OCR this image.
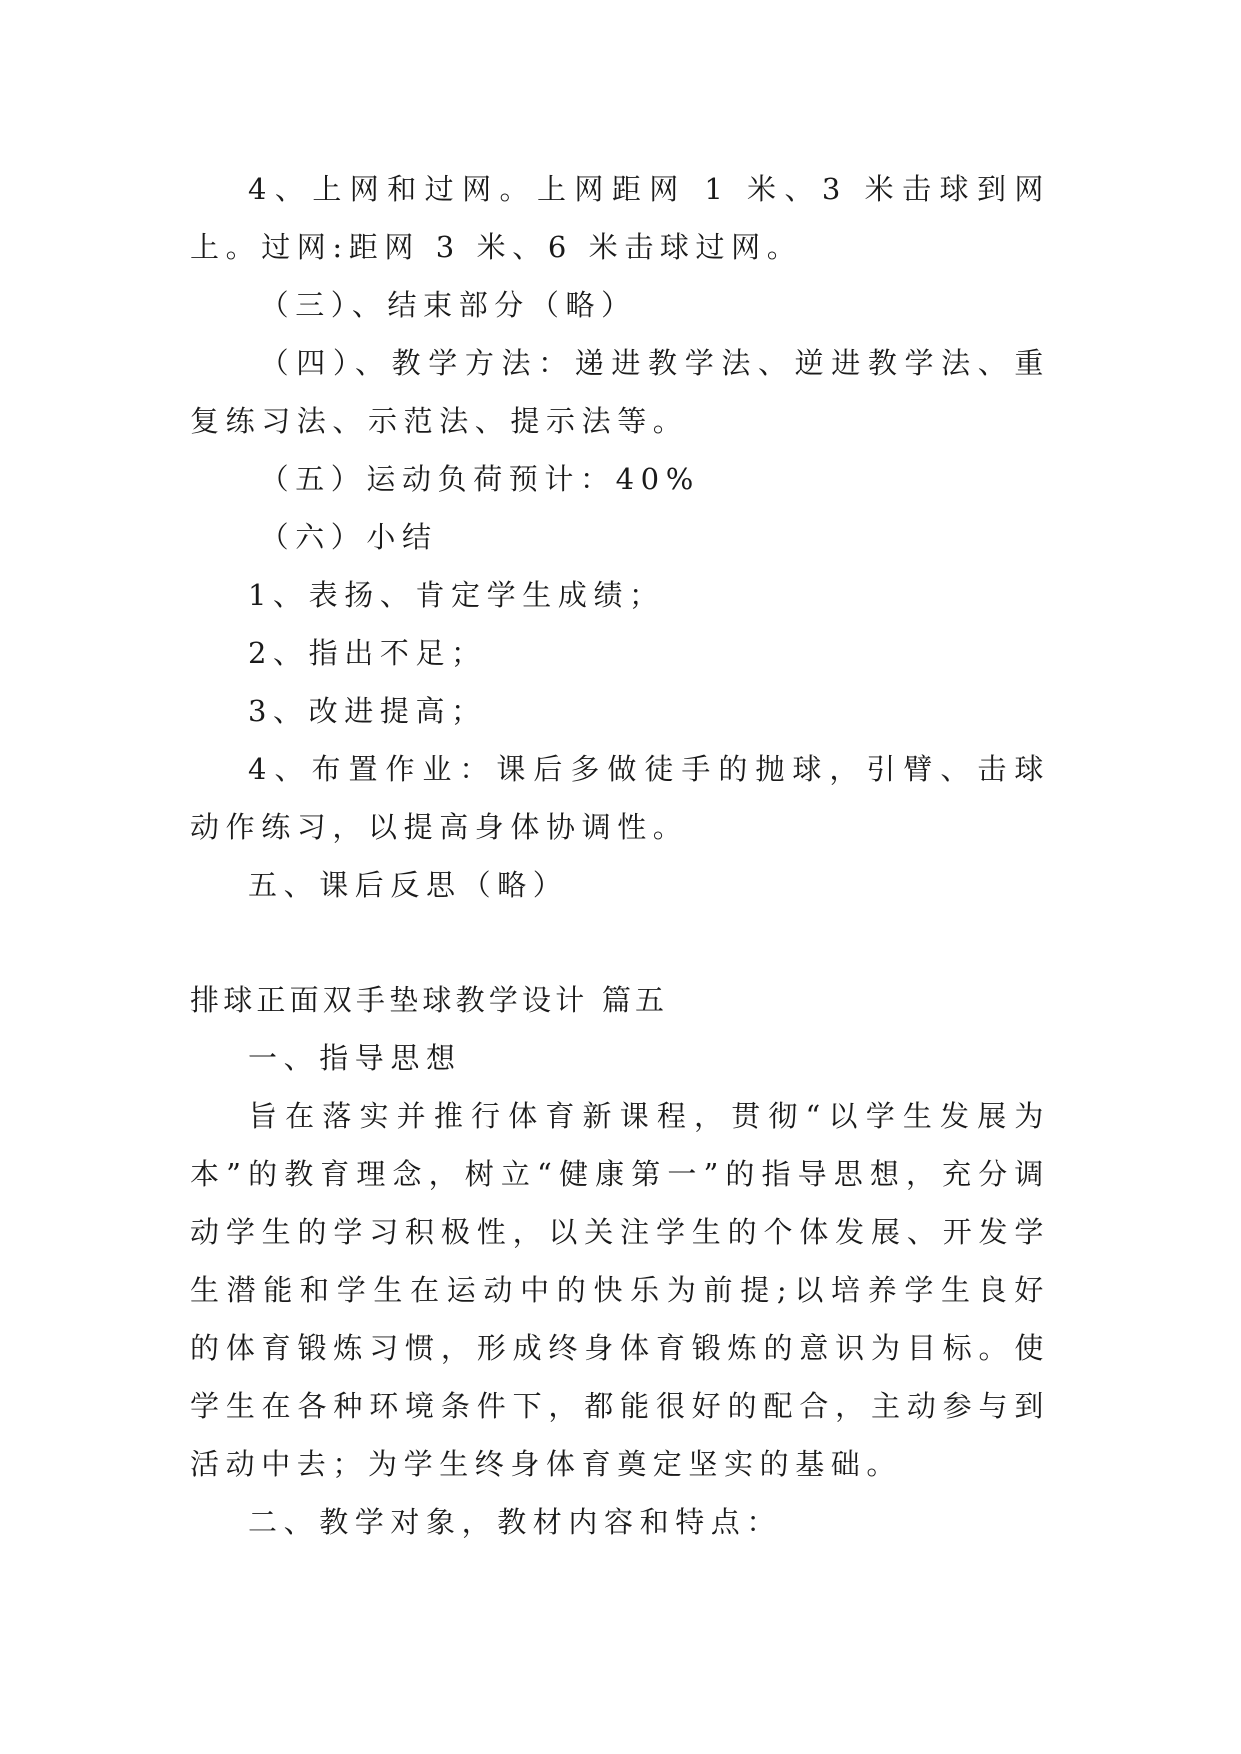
4、上网和过网。上网距网 1 米、3 米击球到网上。过网:距网 3 米、6 米击球过网。

（三）、结束部分（略）

（四）、教学方法：递进教学法、逆进教学法、重复练习法、示范法、提示法等。

（五）运动负荷预计：40%

（六）小结

1、表扬、肯定学生成绩；

2、指出不足；

3、改进提高；

4、布置作业：课后多做徒手的抛球，引臂、击球动作练习，以提高身体协调性。

五、课后反思（略）

排球正面双手垫球教学设计 篇五

一、指导思想

旨在落实并推行体育新课程，贯彻“以学生发展为本”的教育理念，树立“健康第一”的指导思想，充分调动学生的学习积极性，以关注学生的个体发展、开发学生潜能和学生在运动中的快乐为前提;以培养学生良好的体育锻炼习惯，形成终身体育锻炼的意识为目标。使学生在各种环境条件下，都能很好的配合，主动参与到活动中去；为学生终身体育奠定坚实的基础。

二、教学对象，教材内容和特点：
